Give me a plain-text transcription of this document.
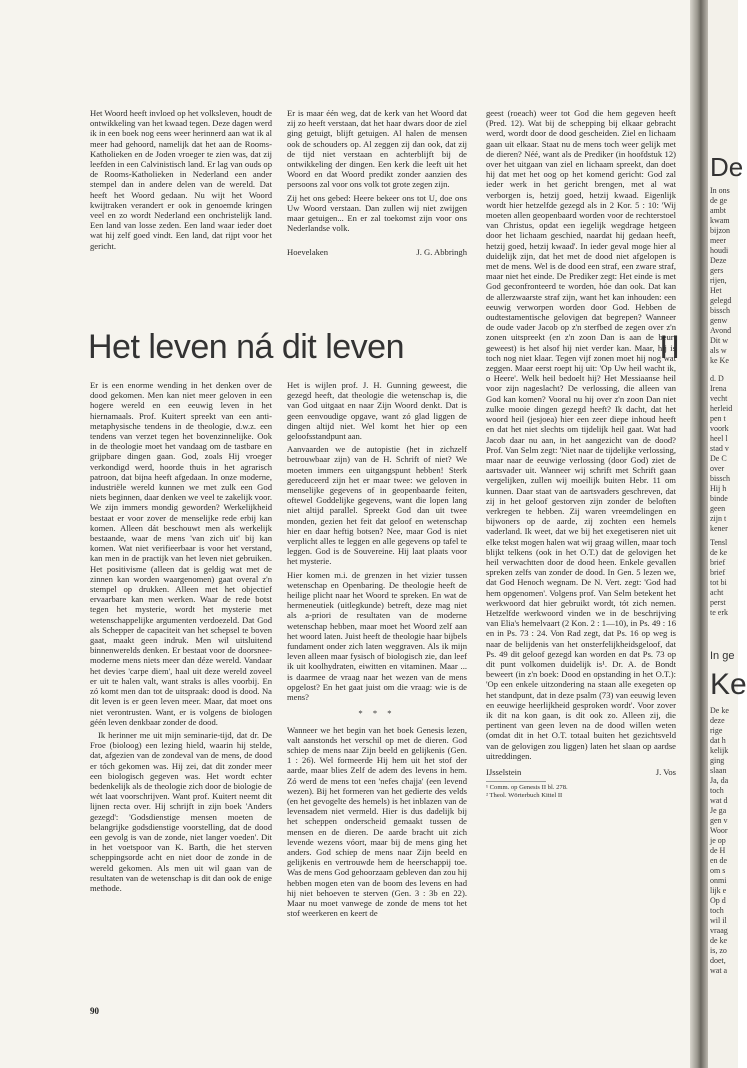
Het Woord heeft invloed op het volksleven, houdt de ontwikkeling van het kwaad tegen. Deze dagen werd ik in een boek nog eens weer herinnerd aan wat ik al meer had gehoord, namelijk dat het aan de Rooms-Katholieken en de Joden vroeger te zien was, dat zij leefden in een Calvinistisch land. Er lag van ouds op de Rooms-Katholieken in Nederland een ander stempel dan in andere delen van de wereld. Dat heeft het Woord gedaan. Nu wijt het Woord kwijtraken verandert er ook in genoemde kringen veel en zo wordt Nederland een onchristelijk land. Een land van losse zeden. Een land waar ieder doet wat hij zelf goed vindt. Een land, dat rijpt voor het gericht.

Er is maar één weg, dat de kerk van het Woord dat zij zo heeft verstaan, dat het haar dwars door de ziel ging getuigt, blijft getuigen. Al halen de mensen ook de schouders op. Al zeggen zij dan ook, dat zij de tijd niet verstaan en achterblijft bij de ontwikkeling der dingen. Een kerk die leeft uit het Woord en dat Woord predikt zonder aanzien des persoons zal voor ons volk tot grote zegen zijn.

Zij het ons gebed: Heere bekeer ons tot U, doe ons Uw Woord verstaan. Dan zullen wij niet zwijgen maar getuigen... En er zal toekomst zijn voor ons Nederlandse volk.

Hoevelaken	J. G. Abbringh
Het leven ná dit leven	II

Er is een enorme wending in het denken over de dood gekomen. Men kan niet meer geloven in een hogere wereld en een eeuwig leven in het hiernamaals. Prof. Kuitert spreekt van een anti-metaphysische tendens in de theologie, d.w.z. een tendens van verzet tegen het bovenzinnelijke. Ook in de theologie moet het vandaag om de tastbare en grijpbare dingen gaan. God, zoals Hij vroeger verkondigd werd, hoorde thuis in het agrarisch patroon, dat bijna heeft afgedaan. In onze moderne, industriële wereld kunnen we met zulk een God niets beginnen, daar denken we veel te zakelijk voor. We zijn immers mondig geworden? Werkelijkheid bestaat er voor zover de menselijke rede erbij kan komen. Alleen dát beschouwt men als werkelijk bestaande, waar de mens 'van zich uit' bij kan komen. Wat niet verifieerbaar is voor het verstand, kan men in de practijk van het leven niet gebruiken. Het positivisme (alleen dat is geldig wat met de zinnen kan worden waargenomen) gaat overal z'n stempel op drukken. Alleen met het objectief ervaarbare kan men werken. Waar de rede botst tegen het mysterie, wordt het mysterie met wetenschappelijke argumenten verdoezeld. Dat God als Schepper de capaciteit van het schepsel te boven gaat, maakt geen indruk. Men wil uitsluitend binnenwerelds denken. Er bestaat voor de doorsnee-moderne mens niets meer dan déze wereld. Vandaar het devies 'carpe diem', haal uit deze wereld zoveel er uit te halen valt, want straks is alles voorbij. En zó komt men dan tot de uitspraak: dood is dood. Na dit leven is er geen leven meer. Maar, dat moet ons niet verontrusten. Want, er is volgens de biologen géén leven denkbaar zonder de dood.

Ik herinner me uit mijn seminarie-tijd, dat dr. De Froe (bioloog) een lezing hield, waarin hij stelde, dat, afgezien van de zondeval van de mens, de dood er tóch gekomen was. Hij zei, dat dit zonder meer een biologisch gegeven was. Het wordt echter bedenkelijk als de theologie zich door de biologie de wét laat voorschrijven. Want prof. Kuitert neemt dit lijnen recta over. Hij schrijft in zijn boek 'Anders gezegd': 'Godsdienstige mensen moeten de belangrijke godsdienstige voorstelling, dat de dood een gevolg is van de zonde, niet langer voeden'. Dit in het voetspoor van K. Barth, die het sterven scheppingsorde acht en niet door de zonde in de wereld gekomen. Als men uit wil gaan van de resultaten van de wetenschap is dit dan ook de enige methode.

Het is wijlen prof. J. H. Gunning geweest, die gezegd heeft, dat theologie die wetenschap is, die van God uitgaat en naar Zijn Woord denkt. Dat is geen eenvoudige opgave, want zó glad liggen de dingen altijd niet. Wel komt het hier op een geloofsstandpunt aan.

Aanvaarden we de autopistie (het in zichzelf betrouwbaar zijn) van de H. Schrift of niet? We moeten immers een uitgangspunt hebben! Sterk gereduceerd zijn het er maar twee: we geloven in menselijke gegevens of in geopenbaarde feiten, oftewel Goddelijke gegevens, want die lopen lang niet altijd parallel. Spreekt God dan uit twee monden, gezien het feit dat geloof en wetenschap hier en daar heftig botsen? Nee, maar God is niet verplicht alles te leggen en alle gegevens op tafel te leggen. God is de Souvereine. Hij laat plaats voor het mysterie.

Hier komen m.i. de grenzen in het vizier tussen wetenschap en Openbaring. De theologie heeft de heilige plicht naar het Woord te spreken. En wat de hermeneutiek (uitlegkunde) betreft, deze mag niet als a-priori de resultaten van de moderne wetenschap hebben, maar moet het Woord zelf aan het woord laten. Juist heeft de theologie haar bijbels fundament onder zich laten weggraven. Als ik mijn leven alleen maar fysisch of biologisch zie, dan leef ik uit koolhydraten, eiwitten en vitaminen. Maar ... is daarmee de vraag naar het wezen van de mens opgelost? En het gaat juist om die vraag: wie is de mens?

* * *

Wanneer we het begin van het boek Genesis lezen, valt aanstonds het verschil op met de dieren. God schiep de mens naar Zijn beeld en gelijkenis (Gen. 1 : 26). Wel formeerde Hij hem uit het stof der aarde, maar blies Zelf de adem des levens in hem. Zó werd de mens tot een 'nefes chajja' (een levend wezen). Bij het formeren van het gedierte des velds (en het gevogelte des hemels) is het inblazen van de levensadem niet vermeld. Hier is dus dadelijk bij het scheppen onderscheid gemaakt tussen de mensen en de dieren. De aarde bracht uit zich levende wezens vóort, maar bij de mens ging het anders. God schiep de mens naar Zijn beeld en gelijkenis en vertrouwde hem de heerschappij toe. Was de mens God gehoorzaam gebleven dan zou hij hebben mogen eten van de boom des levens en had hij niet behoeven te sterven (Gen. 3 : 3b en 22). Maar nu moet vanwege de zonde de mens tot het stof weerkeren en keert de

geest (roeach) weer tot God die hem gegeven heeft (Pred. 12). Wat bij de schepping bij elkaar gebracht werd, wordt door de dood gescheiden. Ziel en lichaam gaan uit elkaar. Staat nu de mens toch weer gelijk met de dieren? Néé, want als de Prediker (in hoofdstuk 12) over het uitgaan van ziel en lichaam spreekt, dan doet hij dat met het oog op het komend gericht: God zal ieder werk in het gericht brengen, met al wat verborgen is, hetzij goed, hetzij kwaad. Eigenlijk wordt hier hetzelfde gezegd als in 2 Kor. 5 : 10: 'Wij moeten allen geopenbaard worden voor de rechterstoel van Christus, opdat een iegelijk wegdrage hetgeen door het lichaam geschied, naardat hij gedaan heeft, hetzij goed, hetzij kwaad'. In ieder geval moge hier al duidelijk zijn, dat het met de dood niet afgelopen is met de mens. Wel is de dood een straf, een zware straf, maar niet het einde. De Prediker zegt: Het einde is met God geconfronteerd te worden, hóe dan ook. Dat kan de allerzwaarste straf zijn, want het kan inhouden: een eeuwig verworpen worden door God. Hebben de oudtestamentische gelovigen dat begrepen? Wanneer de oude vader Jacob op z'n sterfbed de zegen over z'n zonen uitspreekt (en z'n zoon Dan is aan de beurt geweest) is het alsof hij niet verder kan. Maar, hij is toch nog niet klaar. Tegen vijf zonen moet hij nog wat zeggen. Maar eerst roept hij uit: 'Op Uw heil wacht ik, o Heere'. Welk heil bedoelt hij? Het Messiaanse heil voor zijn nageslacht? De verlossing, die alleen van God kan komen? Vooral nu hij over z'n zoon Dan niet zulke mooie dingen gezegd heeft? Ik dacht, dat het woord heil (jesjoea) hier een zeer diepe inhoud heeft en dat het niet slechts om tijdelijk heil gaat. Wat had Jacob daar nu aan, in het aangezicht van de dood? Prof. Van Selm zegt: 'Niet naar de tijdelijke verlossing, maar naar de eeuwige verlossing (door God) ziet de aartsvader uit. Wanneer wij schrift met Schrift gaan vergelijken, zullen wij moeilijk buiten Hebr. 11 om kunnen. Daar staat van de aartsvaders geschreven, dat zij in het geloof gestorven zijn zonder de beloften verkregen te hebben. Zij waren vreemdelingen en bijwoners op de aarde, zij zochten een hemels vaderland. Ik weet, dat we bij het exegetiseren niet uit elke tekst mogen halen wat wij graag willen, maar toch blijkt telkens (ook in het O.T.) dat de gelovigen het heil verwachtten door de dood heen. Enkele gevallen spreken zelfs van zonder de dood. In Gen. 5 lezen we, dat God Henoch wegnam. De N. Vert. zegt: 'God had hem opgenomen'. Volgens prof. Van Selm betekent het werkwoord dat hier gebruikt wordt, tót zich nemen. Hetzelfde werkwoord vinden we in de beschrijving van Elia's hemelvaart (2 Kon. 2 : 1—10), in Ps. 49 : 16 en in Ps. 73 : 24. Von Rad zegt, dat Ps. 16 op weg is naar de belijdenis van het onsterfelijkheidsgeloof, dat Ps. 49 dit geloof gezegd kan worden en dat Ps. 73 op dit punt volkomen duidelijk is¹. Dr. A. de Bondt beweert (in z'n boek: Dood en opstanding in het O.T.): 'Op een enkele uitzondering na staan alle exegeten op het standpunt, dat in deze psalm (73) van eeuwig leven en eeuwige heerlijkheid gesproken wordt'. Voor zover ik dit na kon gaan, is dit ook zo. Alleen zij, die pertinent van geen leven na de dood willen weten (omdat dit in het O.T. totaal buiten het gezichtsveld van de gelovigen zou liggen) laten het slaan op aardse uitreddingen.

IJsselstein	J. Vos
¹ Comm. op Genesis II bl. 278.
² Theol. Wörterbuch Kittel II
90
De
In ons
de ge
ambt
kwam
bijzon
meer
houdi
Deze
gers
rijen,
Het
gelegd
bissch
genw
Avond
Dit w
als w
ke Ke
d. D
Irena
vecht
herleid
pen t
voork
heel l
stad v
De C
over
bissch
Hij h
binde
geen
zijn t
kener
Tensl
de ke
brief
brief
tot bi
acht
perst
te erk
In ge
Ke
De ke
deze
rige
dat h
kelijk
ging
slaan
Ja, da
toch
wat d
Je ga
gen v
Woor
je op
de H
en de
om s
onmi
lijk e
Op d
toch
wil il
vraag
de ke
is, zo
doet,
wat a
